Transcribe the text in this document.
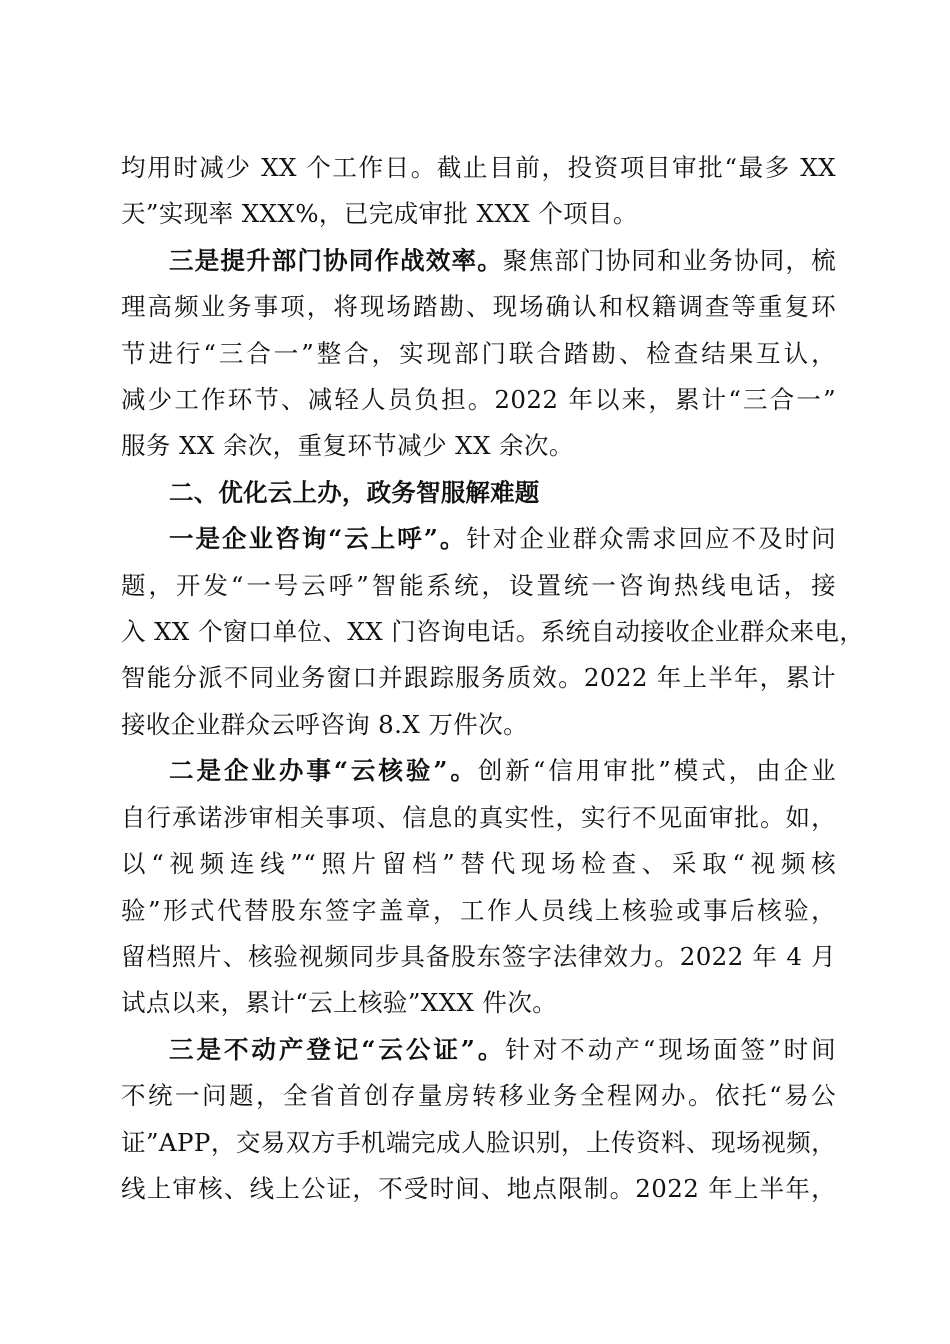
均用时减少 XX 个工作日。截止目前，投资项目审批“最多 XX
天”实现率 XXX%，已完成审批 XXX 个项目。
三是提升部门协同作战效率。聚焦部门协同和业务协同，梳
理高频业务事项，将现场踏勘、现场确认和权籍调查等重复环
节进行“三合一”整合，实现部门联合踏勘、检查结果互认，
减少工作环节、减轻人员负担。2022 年以来，累计“三合一”
服务 XX 余次，重复环节减少 XX 余次。
二、优化云上办，政务智服解难题
一是企业咨询“云上呼”。针对企业群众需求回应不及时问
题，开发“一号云呼”智能系统，设置统一咨询热线电话，接
入 XX 个窗口单位、XX 门咨询电话。系统自动接收企业群众来电，
智能分派不同业务窗口并跟踪服务质效。2022 年上半年，累计
接收企业群众云呼咨询 8.X 万件次。
二是企业办事“云核验”。创新“信用审批”模式，由企业
自行承诺涉审相关事项、信息的真实性，实行不见面审批。如，
以“视频连线”“照片留档”替代现场检查、采取“视频核
验”形式代替股东签字盖章，工作人员线上核验或事后核验，
留档照片、核验视频同步具备股东签字法律效力。2022 年 4 月
试点以来，累计“云上核验”XXX 件次。
三是不动产登记“云公证”。针对不动产“现场面签”时间
不统一问题，全省首创存量房转移业务全程网办。依托“易公
证”APP，交易双方手机端完成人脸识别，上传资料、现场视频，
线上审核、线上公证，不受时间、地点限制。2022 年上半年，
